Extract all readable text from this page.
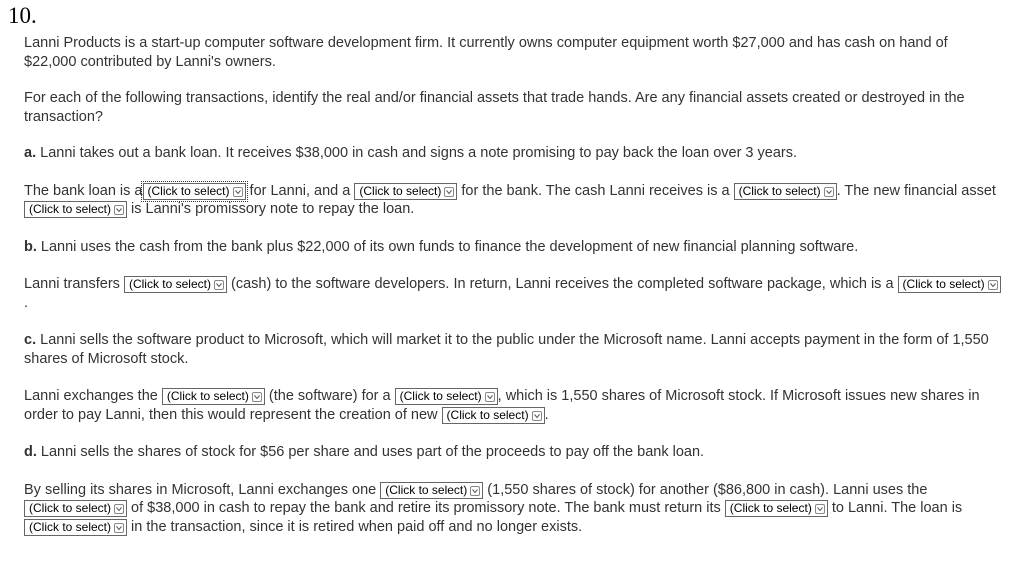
10.

Lanni Products is a start-up computer software development firm. It currently owns computer equipment worth $27,000 and has cash on hand of $22,000 contributed by Lanni's owners.

For each of the following transactions, identify the real and/or financial assets that trade hands. Are any financial assets created or destroyed in the transaction?

a. Lanni takes out a bank loan. It receives $38,000 in cash and signs a note promising to pay back the loan over 3 years.

The bank loan is a (Click to select) for Lanni, and a (Click to select) for the bank. The cash Lanni receives is a (Click to select) . The new financial asset(Click to select) is Lanni's promissory note to repay the loan.

b. Lanni uses the cash from the bank plus $22,000 of its own funds to finance the development of new financial planning software.

Lanni transfers (Click to select) (cash) to the software developers. In return, Lanni receives the completed software package, which is a (Click to select)
.

c. Lanni sells the software product to Microsoft, which will market it to the public under the Microsoft name. Lanni accepts payment in the form of 1,550 shares of Microsoft stock.

Lanni exchanges the (Click to select) (the software) for a (Click to select) , which is 1,550 shares of Microsoft stock. If Microsoft issues new shares in order to pay Lanni, then this would represent the creation of new (Click to select) .

d. Lanni sells the shares of stock for $56 per share and uses part of the proceeds to pay off the bank loan.

By selling its shares in Microsoft, Lanni exchanges one (Click to select) (1,550 shares of stock) for another ($86,800 in cash). Lanni uses the (Click to select) of $38,000 in cash to repay the bank and retire its promissory note. The bank must return its (Click to select) to Lanni. The loan is (Click to select) in the transaction, since it is retired when paid off and no longer exists.
